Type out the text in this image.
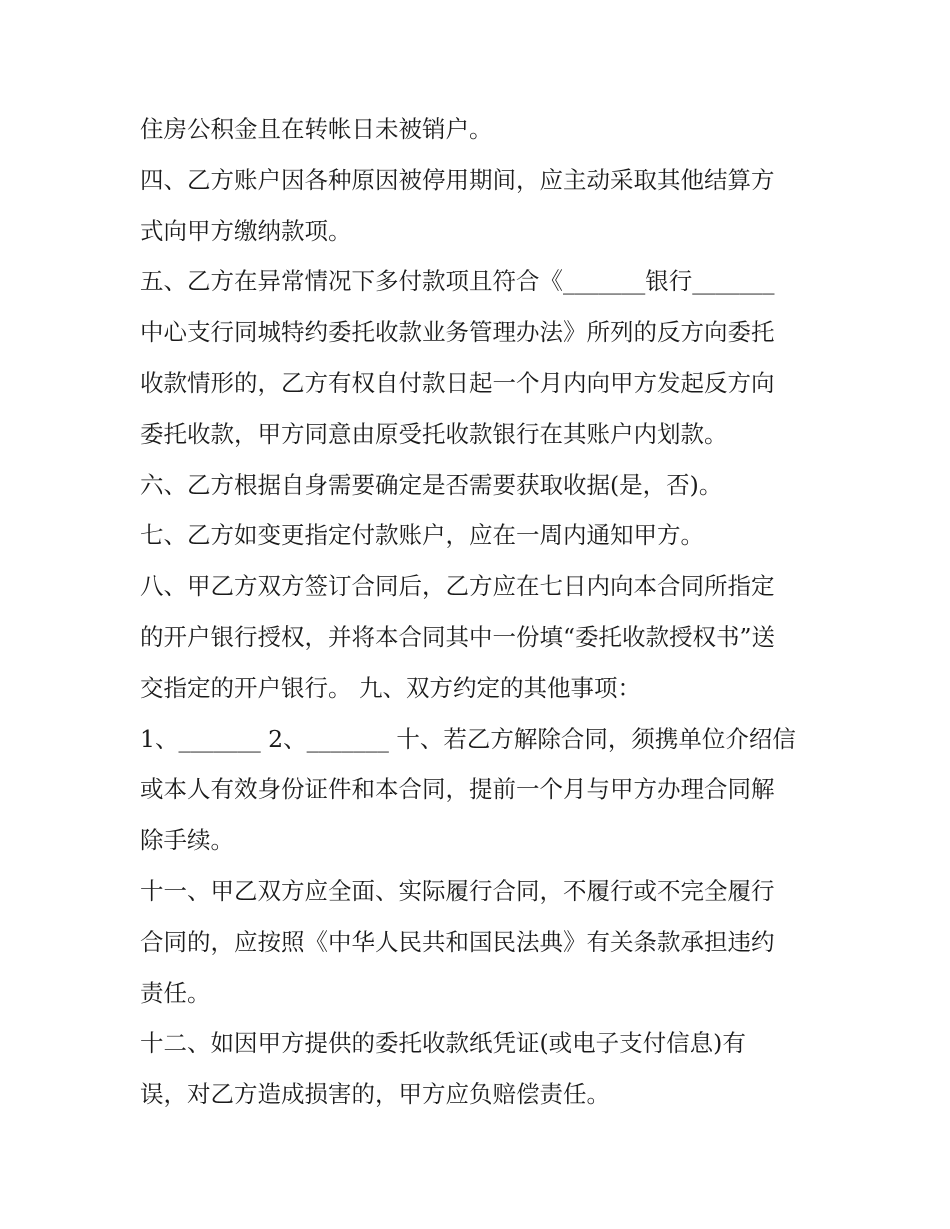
住房公积金且在转帐日未被销户。

四、乙方账户因各种原因被停用期间，应主动采取其他结算方

式向甲方缴纳款项。

五、乙方在异常情况下多付款项且符合《_______银行_______

中心支行同城特约委托收款业务管理办法》所列的反方向委托

收款情形的，乙方有权自付款日起一个月内向甲方发起反方向

委托收款，甲方同意由原受托收款银行在其账户内划款。

六、乙方根据自身需要确定是否需要获取收据(是，否)。

七、乙方如变更指定付款账户，应在一周内通知甲方。

八、甲乙方双方签订合同后，乙方应在七日内向本合同所指定

的开户银行授权，并将本合同其中一份填“委托收款授权书”送

交指定的开户银行。 九、双方约定的其他事项：

1、_______ 2、_______ 十、若乙方解除合同，须携单位介绍信

或本人有效身份证件和本合同，提前一个月与甲方办理合同解

除手续。

十一、甲乙双方应全面、实际履行合同，不履行或不完全履行

合同的，应按照《中华人民共和国民法典》有关条款承担违约

责任。

十二、如因甲方提供的委托收款纸凭证(或电子支付信息)有

误，对乙方造成损害的，甲方应负赔偿责任。
